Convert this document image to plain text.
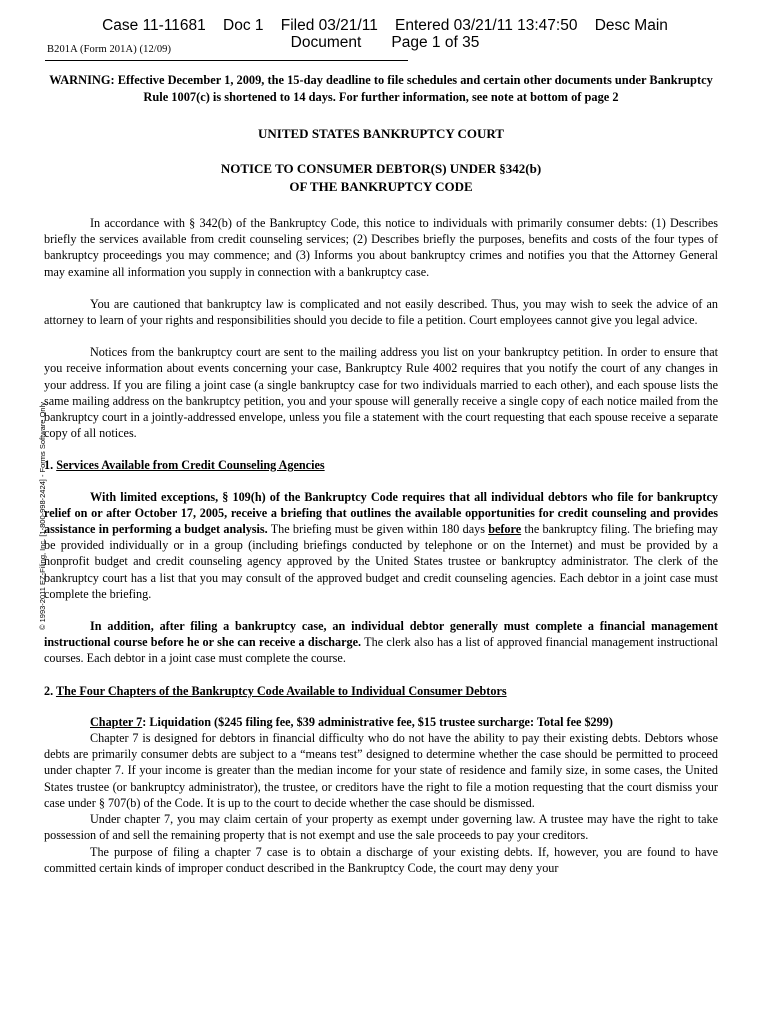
Case 11-11681    Doc 1    Filed 03/21/11    Entered 03/21/11 13:47:50    Desc Main
Document       Page 1 of 35
B201A (Form 201A) (12/09)
© 1993-2011 EZ-Filing, Inc. [1-800-998-2424] - Forms Software Only

WARNING: Effective December 1, 2009, the 15-day deadline to file schedules and certain other documents under Bankruptcy Rule 1007(c) is shortened to 14 days. For further information, see note at bottom of page 2

UNITED STATES BANKRUPTCY COURT

NOTICE TO CONSUMER DEBTOR(S) UNDER §342(b)
OF THE BANKRUPTCY CODE

In accordance with § 342(b) of the Bankruptcy Code, this notice to individuals with primarily consumer debts: (1) Describes briefly the services available from credit counseling services; (2) Describes briefly the purposes, benefits and costs of the four types of bankruptcy proceedings you may commence; and (3) Informs you about bankruptcy crimes and notifies you that the Attorney General may examine all information you supply in connection with a bankruptcy case.

You are cautioned that bankruptcy law is complicated and not easily described. Thus, you may wish to seek the advice of an attorney to learn of your rights and responsibilities should you decide to file a petition. Court employees cannot give you legal advice.

Notices from the bankruptcy court are sent to the mailing address you list on your bankruptcy petition. In order to ensure that you receive information about events concerning your case, Bankruptcy Rule 4002 requires that you notify the court of any changes in your address. If you are filing a joint case (a single bankruptcy case for two individuals married to each other), and each spouse lists the same mailing address on the bankruptcy petition, you and your spouse will generally receive a single copy of each notice mailed from the bankruptcy court in a jointly-addressed envelope, unless you file a statement with the court requesting that each spouse receive a separate copy of all notices.

1. Services Available from Credit Counseling Agencies

With limited exceptions, § 109(h) of the Bankruptcy Code requires that all individual debtors who file for bankruptcy relief on or after October 17, 2005, receive a briefing that outlines the available opportunities for credit counseling and provides assistance in performing a budget analysis. The briefing must be given within 180 days before the bankruptcy filing. The briefing may be provided individually or in a group (including briefings conducted by telephone or on the Internet) and must be provided by a nonprofit budget and credit counseling agency approved by the United States trustee or bankruptcy administrator. The clerk of the bankruptcy court has a list that you may consult of the approved budget and credit counseling agencies. Each debtor in a joint case must complete the briefing.

In addition, after filing a bankruptcy case, an individual debtor generally must complete a financial management instructional course before he or she can receive a discharge. The clerk also has a list of approved financial management instructional courses. Each debtor in a joint case must complete the course.

2. The Four Chapters of the Bankruptcy Code Available to Individual Consumer Debtors

Chapter 7: Liquidation ($245 filing fee, $39 administrative fee, $15 trustee surcharge: Total fee $299)

Chapter 7 is designed for debtors in financial difficulty who do not have the ability to pay their existing debts. Debtors whose debts are primarily consumer debts are subject to a “means test” designed to determine whether the case should be permitted to proceed under chapter 7. If your income is greater than the median income for your state of residence and family size, in some cases, the United States trustee (or bankruptcy administrator), the trustee, or creditors have the right to file a motion requesting that the court dismiss your case under § 707(b) of the Code. It is up to the court to decide whether the case should be dismissed.

Under chapter 7, you may claim certain of your property as exempt under governing law. A trustee may have the right to take possession of and sell the remaining property that is not exempt and use the sale proceeds to pay your creditors.

The purpose of filing a chapter 7 case is to obtain a discharge of your existing debts. If, however, you are found to have committed certain kinds of improper conduct described in the Bankruptcy Code, the court may deny your
